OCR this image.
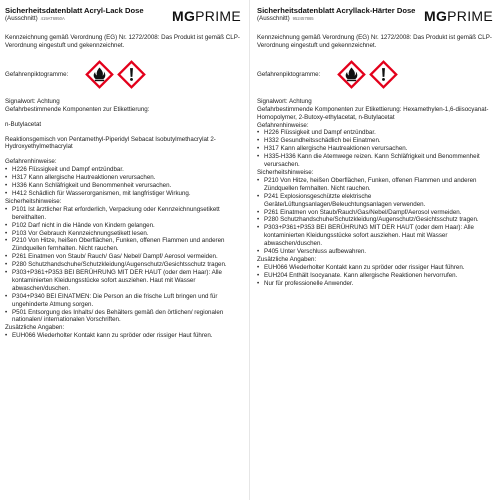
Sicherheitsdatenblatt Acryl-Lack Dose
(Ausschnitt) 419AT6950A	MGPRIME

Kennzeichnung gemäß Verordnung (EG) Nr. 1272/2008: Das Produkt ist gemäß CLP-Verordnung eingestuft und gekennzeichnet.

Gefahrenpiktogramme:

Signalwort: Achtung

Gefahrbestimmende Komponenten zur Etikettierung:

n-Butylacetat

Reaktionsgemisch von Pentamethyl-Piperidyl Sebacat Isobutylmethacrylat 2-Hydroxyethylmethacrylat

Gefahrenhinweise:

• H226 Flüssigkeit und Dampf entzündbar.
• H317 Kann allergische Hautreaktionen verursachen.
• H336 Kann Schläfrigkeit und Benommenheit verursachen.
• H412 Schädlich für Wasserorganismen, mit langfristiger Wirkung.

Sicherheitshinweise:

• P101 Ist ärztlicher Rat erforderlich, Verpackung oder Kennzeichnungsetikett bereithalten.
• P102 Darf nicht in die Hände von Kindern gelangen.
• P103 Vor Gebrauch Kennzeichnungsetikett lesen.
• P210 Von Hitze, heißen Oberflächen, Funken, offenen Flammen und anderen Zündquellen fernhalten. Nicht rauchen.
• P261 Einatmen von Staub/ Rauch/ Gas/ Nebel/ Dampf/ Aerosol vermeiden.
• P280 Schutzhandschuhe/Schutzkleidung/Augenschutz/Gesichtsschutz tragen.
• P303+P361+P353 BEI BERÜHRUNG MIT DER HAUT (oder dem Haar): Alle kontaminierten Kleidungsstücke sofort ausziehen. Haut mit Wasser abwaschen/duschen.
• P304+P340 BEI EINATMEN: Die Person an die frische Luft bringen und für ungehinderte Atmung sorgen.
• P501 Entsorgung des Inhalts/ des Behälters gemäß den örtlichen/ regionalen nationalen/ internationalen Vorschriften.

Zusätzliche Angaben:

• EUH066 Wiederholter Kontakt kann zu spröder oder rissiger Haut führen.
Sicherheitsdatenblatt Acryllack-Härter Dose
(Ausschnitt) 952457865	MGPRIME

Kennzeichnung gemäß Verordnung (EG) Nr. 1272/2008: Das Produkt ist gemäß CLP-Verordnung eingestuft und gekennzeichnet.

Gefahrenpiktogramme:

Signalwort: Achtung

Gefahrbestimmende Komponenten zur Etikettierung: Hexamethylen-1,6-diisocyanat-Homopolymer, 2-Butoxy-ethylacetat, n-Butylacetat

Gefahrenhinweise:

• H226 Flüssigkeit und Dampf entzündbar.
• H332 Gesundheitsschädlich bei Einatmen.
• H317 Kann allergische Hautreaktionen verursachen.
• H335-H336 Kann die Atemwege reizen. Kann Schläfrigkeit und Benommenheit verursachen.

Sicherheitshinweise:

• P210 Von Hitze, heißen Oberflächen, Funken, offenen Flammen und anderen Zündquellen fernhalten. Nicht rauchen.
• P241 Explosionsgeschützte elektrische Geräte/Lüftungsanlagen/Beleuchtungsanlagen verwenden.
• P261 Einatmen von Staub/Rauch/Gas/Nebel/Dampf/Aerosol vermeiden.
• P280 Schutzhandschuhe/Schutzkleidung/Augenschutz/Gesichtsschutz tragen.
• P303+P361+P353 BEI BERÜHRUNG MIT DER HAUT (oder dem Haar): Alle kontaminierten Kleidungsstücke sofort ausziehen. Haut mit Wasser abwaschen/duschen.
• P405 Unter Verschluss aufbewahren.

Zusätzliche Angaben:

• EUH066 Wiederholter Kontakt kann zu spröder oder rissiger Haut führen.
• EUH204 Enthält Isocyanate. Kann allergische Reaktionen hervorrufen.
• Nur für professionelle Anwender.
